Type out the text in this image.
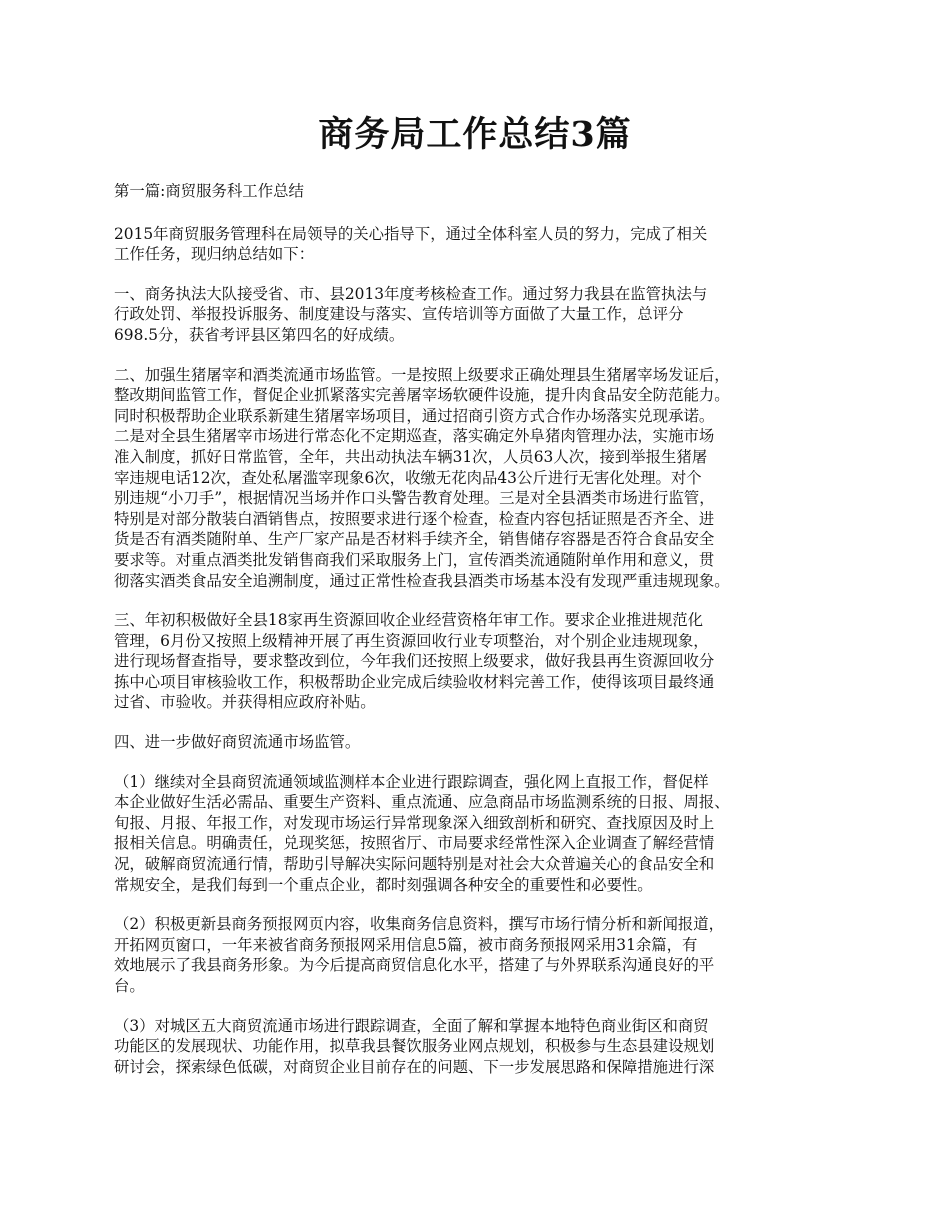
商务局工作总结3篇

第一篇:商贸服务科工作总结

2015年商贸服务管理科在局领导的关心指导下，通过全体科室人员的努力，完成了相关
工作任务，现归纳总结如下：

一、商务执法大队接受省、市、县2013年度考核检查工作。通过努力我县在监管执法与
行政处罚、举报投诉服务、制度建设与落实、宣传培训等方面做了大量工作，总评分
698.5分，获省考评县区第四名的好成绩。

二、加强生猪屠宰和酒类流通市场监管。一是按照上级要求正确处理县生猪屠宰场发证后，
整改期间监管工作，督促企业抓紧落实完善屠宰场软硬件设施，提升肉食品安全防范能力。
同时积极帮助企业联系新建生猪屠宰场项目，通过招商引资方式合作办场落实兑现承诺。
二是对全县生猪屠宰市场进行常态化不定期巡查，落实确定外阜猪肉管理办法，实施市场
准入制度，抓好日常监管，全年，共出动执法车辆31次，人员63人次，接到举报生猪屠
宰违规电话12次，查处私屠滥宰现象6次，收缴无花肉品43公斤进行无害化处理。对个
别违规“小刀手”，根据情况当场并作口头警告教育处理。三是对全县酒类市场进行监管，
特别是对部分散装白酒销售点，按照要求进行逐个检查，检查内容包括证照是否齐全、进
货是否有酒类随附单、生产厂家产品是否材料手续齐全，销售储存容器是否符合食品安全
要求等。对重点酒类批发销售商我们采取服务上门，宣传酒类流通随附单作用和意义，贯
彻落实酒类食品安全追溯制度，通过正常性检查我县酒类市场基本没有发现严重违规现象。

三、年初积极做好全县18家再生资源回收企业经营资格年审工作。要求企业推进规范化
管理，6月份又按照上级精神开展了再生资源回收行业专项整治，对个别企业违规现象，
进行现场督查指导，要求整改到位，今年我们还按照上级要求，做好我县再生资源回收分
拣中心项目审核验收工作，积极帮助企业完成后续验收材料完善工作，使得该项目最终通
过省、市验收。并获得相应政府补贴。

四、进一步做好商贸流通市场监管。

（1）继续对全县商贸流通领域监测样本企业进行跟踪调查，强化网上直报工作，督促样
本企业做好生活必需品、重要生产资料、重点流通、应急商品市场监测系统的日报、周报、
旬报、月报、年报工作，对发现市场运行异常现象深入细致剖析和研究、查找原因及时上
报相关信息。明确责任，兑现奖惩，按照省厅、市局要求经常性深入企业调查了解经营情
况，破解商贸流通行情，帮助引导解决实际问题特别是对社会大众普遍关心的食品安全和
常规安全，是我们每到一个重点企业，都时刻强调各种安全的重要性和必要性。

（2）积极更新县商务预报网页内容，收集商务信息资料，撰写市场行情分析和新闻报道，
开拓网页窗口，一年来被省商务预报网采用信息5篇，被市商务预报网采用31余篇，有
效地展示了我县商务形象。为今后提高商贸信息化水平，搭建了与外界联系沟通良好的平
台。

（3）对城区五大商贸流通市场进行跟踪调查，全面了解和掌握本地特色商业街区和商贸
功能区的发展现状、功能作用，拟草我县餐饮服务业网点规划，积极参与生态县建设规划
研讨会，探索绿色低碳，对商贸企业目前存在的问题、下一步发展思路和保障措施进行深
